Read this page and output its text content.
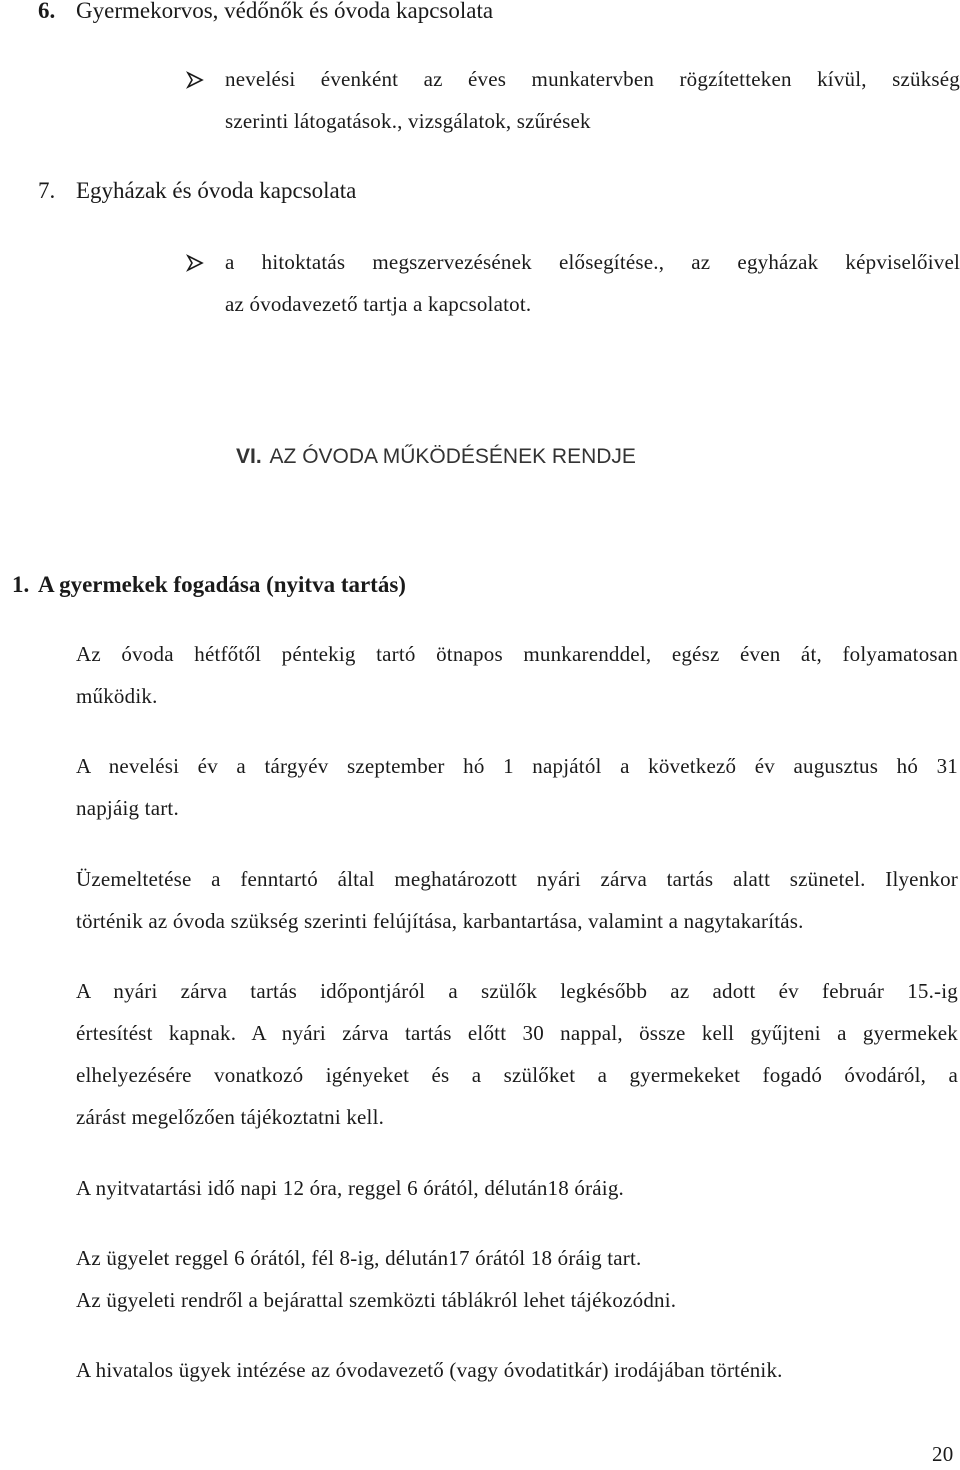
6. Gyermekorvos, védőnők és óvoda kapcsolata
nevelési évenként az éves munkatervben rögzítetteken kívül, szükség
szerinti látogatások., vizsgálatok, szűrések
7. Egyházak és óvoda kapcsolata
a hitoktatás megszervezésének elősegítése., az egyházak képviselőivel
az óvodavezető tartja a kapcsolatot.
VI. AZ ÓVODA MŰKÖDÉSÉNEK RENDJE
1. A gyermekek fogadása (nyitva tartás)
Az óvoda hétfőtől péntekig tartó ötnapos munkarenddel, egész éven át, folyamatosan
működik.
A nevelési év a tárgyév szeptember hó 1 napjától a következő év augusztus hó 31
napjáig tart.
Üzemeltetése a fenntartó által meghatározott nyári zárva tartás alatt szünetel. Ilyenkor
történik az óvoda szükség szerinti felújítása, karbantartása, valamint a nagytakarítás.
A nyári zárva tartás időpontjáról a szülők legkésőbb az adott év február 15.-ig
értesítést kapnak. A nyári zárva tartás előtt 30 nappal, össze kell gyűjteni a gyermekek
elhelyezésére vonatkozó igényeket és a szülőket a gyermekeket fogadó óvodáról, a
zárást megelőzően tájékoztatni kell.
A nyitvatartási idő napi 12 óra, reggel 6 órától, délután18 óráig.
Az ügyelet reggel 6 órától, fél 8-ig, délután17 órától 18 óráig tart.
Az ügyeleti rendről a bejárattal szemközti táblákról lehet tájékozódni.
A hivatalos ügyek intézése az óvodavezető (vagy óvodatitkár) irodájában történik.
20
